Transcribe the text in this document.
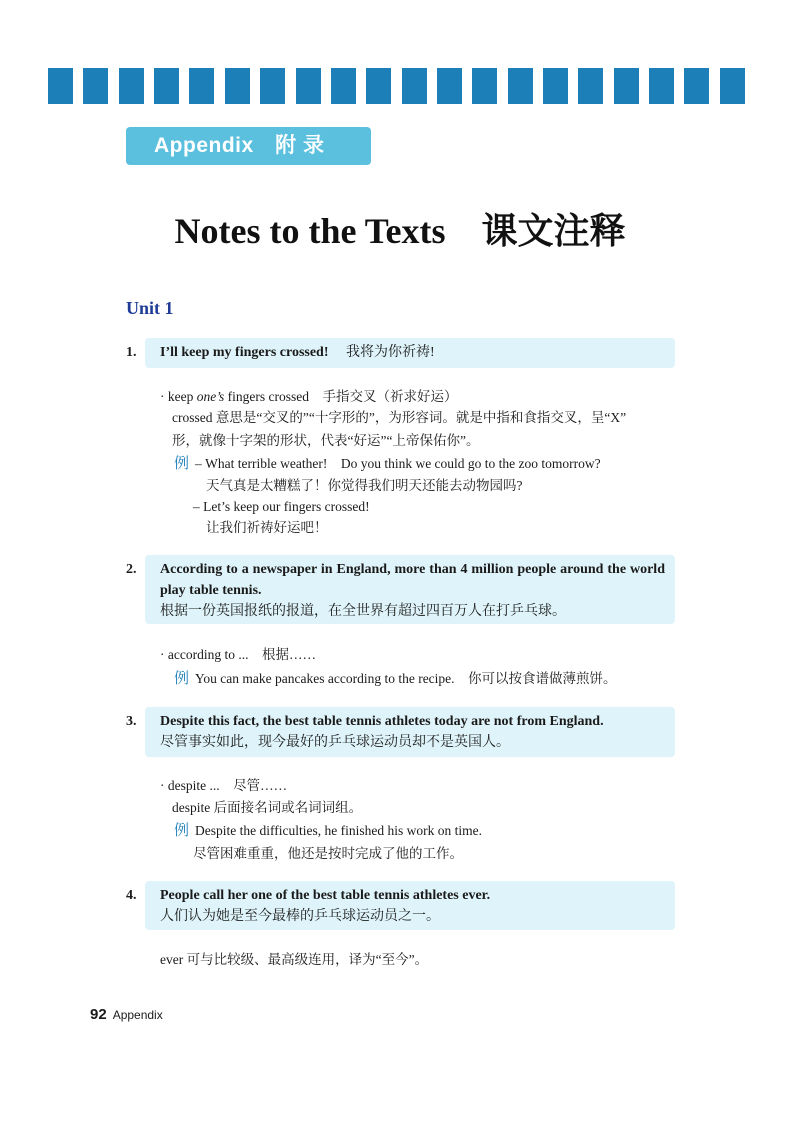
Appendix　附 录
Notes to the Texts　课文注释
Unit 1
1.	I’ll keep my fingers crossed! 我将为你祈祷!
· keep one’s fingers crossed　手指交叉（祈求好运）
crossed 意思是“交叉的”“十字形的”，为形容词。就是中指和食指交叉，呈“X”
形，就像十字架的形状，代表“好运”“上帝保佑你”。
例 – What terrible weather!　Do you think we could go to the zoo tomorrow?
天气真是太糟糕了！你觉得我们明天还能去动物园吗?
– Let’s keep our fingers crossed!
让我们祈祷好运吧！
2. According to a newspaper in England, more than 4 million people around the world play table tennis.
根据一份英国报纸的报道，在全世界有超过四百万人在打乒乓球。
· according to ...　根据……
例 You can make pancakes according to the recipe.　你可以按食谱做薄煎饼。
3. Despite this fact, the best table tennis athletes today are not from England.
尽管事实如此，现今最好的乒乓球运动员却不是英国人。
· despite ...　尽管……
despite 后面接名词或名词词组。
例 Despite the difficulties, he finished his work on time.
尽管困难重重，他还是按时完成了他的工作。
4. People call her one of the best table tennis athletes ever.
人们认为她是至今最棒的乒乓球运动员之一。
ever 可与比较级、最高级连用，译为“至今”。
92 Appendix
